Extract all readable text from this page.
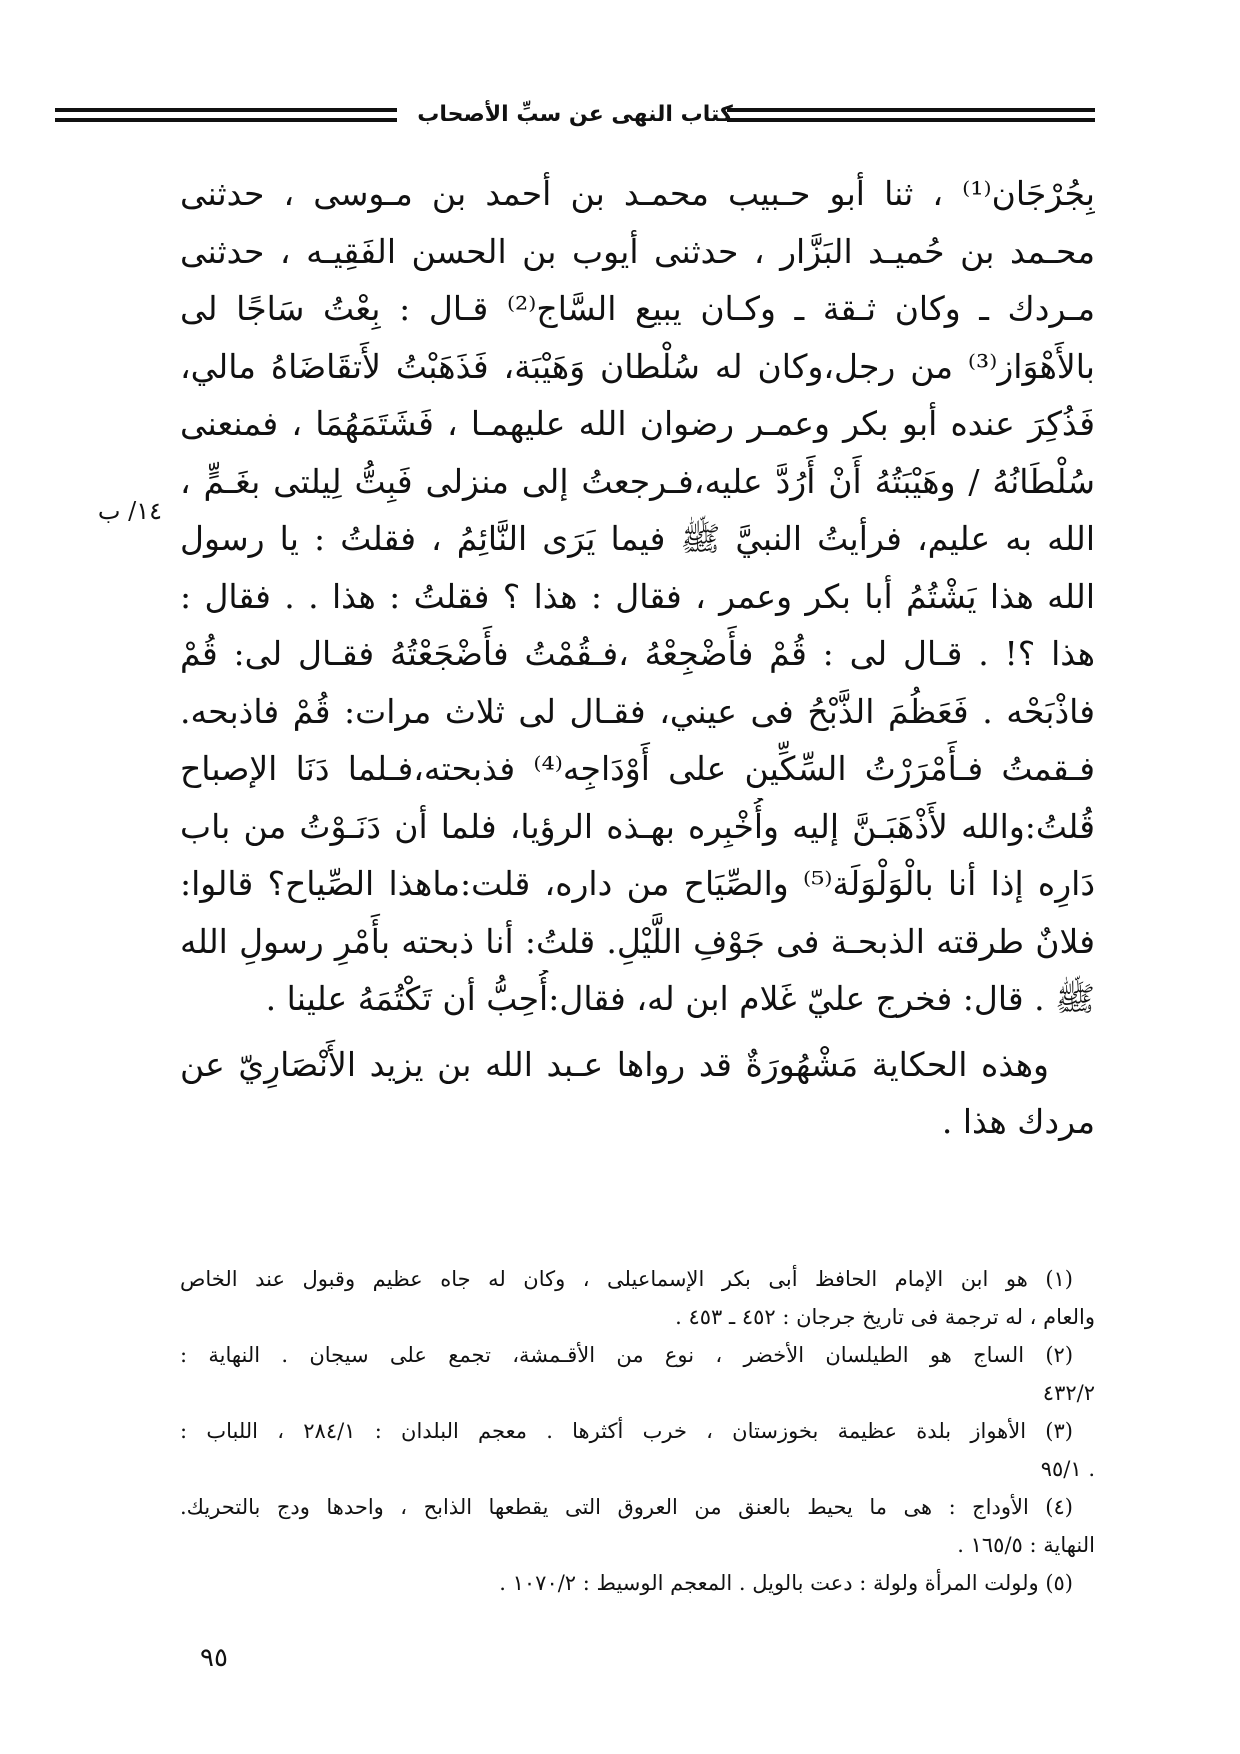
كتاب النهى عن سبِّ الأصحاب
١٤/ ب
بِجُرْجَان⁽¹⁾ ، ثنا أبو حـبيب محمـد بن أحمد بن مـوسى ، حدثنى
محـمد بن حُميـد البَزَّار ، حدثنى أيوب بن الحسن الفَقِيـه ، حدثنى
مـردك ـ وكان ثـقة ـ وكـان يبيع السَّاج⁽²⁾ قـال : بِعْتُ سَاجًا لى
بالأَهْوَاز⁽³⁾ من رجل،وكان له سُلْطان وَهَيْبَة، فَذَهَبْتُ لأَتقَاضَاهُ مالي،
فَذُكِرَ عنده أبو بكر وعمـر رضوان الله عليهمـا ، فَشَتَمَهُمَا ، فمنعنى
سُلْطَانُهُ / وهَيْبَتُهُ أَنْ أَرُدَّ عليه،فـرجعتُ إلى منزلى فَبِتُّ لِيلتى بغَـمٍّ ،
الله به عليم، فرأيتُ النبيَّ ﷺ فيما يَرَى النَّائِمُ ، فقلتُ : يا رسول
الله هذا يَشْتُمُ أبا بكر وعمر ، فقال : هذا ؟ فقلتُ : هذا . . فقال :
هذا ؟! . قـال لى : قُمْ فأَضْجِعْهُ ،فـقُمْتُ فأَضْجَعْتُهُ فقـال لى: قُمْ
فاذْبَحْه . فَعَظُمَ الذَّبْحُ فى عيني، فقـال لى ثلاث مرات: قُمْ فاذبحه.
فـقمتُ فـأَمْرَرْتُ السِّكِّين على أَوْدَاجِه⁽⁴⁾ فذبحته،فـلما دَنَا الإصباح
قُلتُ:والله لأَذْهَبَـنَّ إليه وأُخْبِره بهـذه الرؤيا، فلما أن دَنَـوْتُ من باب
دَارِه إذا أنا بالْوَلْوَلَة⁽⁵⁾ والصِّيَاح من داره، قلت:ماهذا الصِّياح؟ قالوا:
فلانٌ طرقته الذبحـة فى جَوْفِ اللَّيْلِ. قلتُ: أنا ذبحته بأَمْرِ رسولِ الله
ﷺ . قال: فخرج عليّ غَلام ابن له، فقال:أُحِبُّ أن تَكْتُمَهُ علينا .
وهذه الحكاية مَشْهُورَةٌ قد رواها عـبد الله بن يزيد الأَنْصَارِيّ عن
مردك هذا .
(١) هو ابن الإمام الحافظ أبى بكر الإسماعيلى ، وكان له جاه عظيم وقبول عند الخاص
والعام ، له ترجمة فى تاريخ جرجان : ٤٥٢ ـ ٤٥٣ .
(٢) الساج هو الطيلسان الأخضر ، نوع من الأقـمشة، تجمع على سيجان . النهاية :
٤٣٢/٢
(٣) الأهواز بلدة عظيمة بخوزستان ، خرب أكثرها . معجم البلدان : ٢٨٤/١ ، اللباب :
. ٩٥/١
(٤) الأوداج : هى ما يحيط بالعنق من العروق التى يقطعها الذابح ، واحدها ودج بالتحريك.
النهاية : ١٦٥/٥ .
(٥) ولولت المرأة ولولة : دعت بالويل . المعجم الوسيط : ١٠٧٠/٢ .
٩٥
